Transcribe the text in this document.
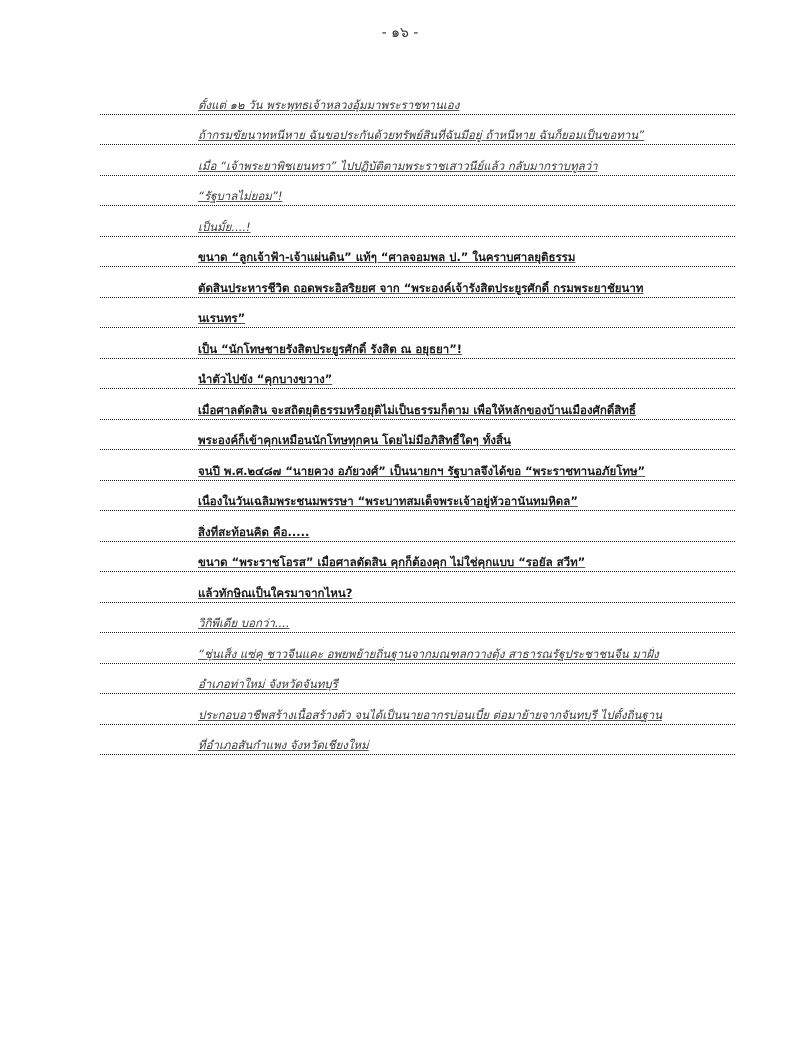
- ๑๖ -
ตั้งแต่ ๑๒ วัน พระพุทธเจ้าหลวงอุ้มมาพระราชทานเอง
ถ้ากรมขัยนาทหนีหาย ฉันขอประกันด้วยทรัพย์สินที่ฉันมีอยู่ ถ้าหนีหาย ฉันก็ยอมเป็นขอทาน”
เมื่อ “เจ้าพระยาพิชเยนทรา” ไปปฏิบัติตามพระราชเสาวนีย์แล้ว กลับมากราบทูลว่า
“รัฐบาลไม่ยอม”!
เป็นมั้ย....!
ขนาด “ลูกเจ้าฟ้า-เจ้าแผ่นดิน” แท้ๆ “ศาลจอมพล ป.” ในคราบศาลยุติธรรม
ตัดสินประหารชีวิต ถอดพระอิสริยยศ จาก “พระองค์เจ้ารังสิตประยูรศักดิ์ กรมพระยาชัยนาท
นเรนทร”
เป็น “นักโทษชายรังสิตประยูรศักดิ์ รังสิต ณ อยุธยา”!
นำตัวไปขัง “คุกบางขวาง”
เมื่อศาลตัดสิน จะสถิตยุติธรรมหรือยุติไม่เป็นธรรมก็ตาม เพื่อให้หลักของบ้านเมืองศักดิ์สิทธิ์
พระองค์ก็เข้าคุกเหมือนนักโทษทุกคน โดยไม่มีอภิสิทธิ์ใดๆ ทั้งสิ้น
จนปี พ.ศ.๒๔๘๗ “นายควง อภัยวงศ์” เป็นนายกฯ รัฐบาลจึงได้ขอ “พระราชทานอภัยโทษ”
เนื่องในวันเฉลิมพระชนมพรรษา “พระบาทสมเด็จพระเจ้าอยู่หัวอานันทมหิดล”
สิ่งที่สะท้อนคิด คือ.....
ขนาด “พระราชโอรส” เมื่อศาลตัดสิน คุกก็ต้องคุก ไม่ใช่คุกแบบ “รอยัล สวีท”
แล้วทักษิณเป็นใครมาจากไหน?
วิกิพีเดีย บอกว่า....
“ชุ่นเส็ง แซ่คู ชาวจีนแคะ อพยพย้ายถิ่นฐานจากมณฑลกวางตุ้ง สาธารณรัฐประชาชนจีน มาฝั่ง
อำเภอท่าใหม่ จังหวัดจันทบุรี
ประกอบอาชีพสร้างเนื้อสร้างตัว จนได้เป็นนายอากรบ่อนเบี้ย ต่อมาย้ายจากจันทบุรี ไปตั้งถิ่นฐาน
ที่อำเภอสันกำแพง จังหวัดเชียงใหม่
